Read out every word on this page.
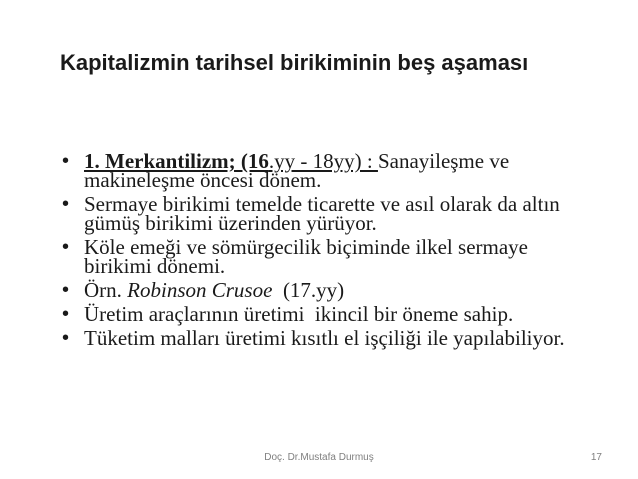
Kapitalizmin tarihsel birikiminin beş aşaması
• 1. Merkantilizm; (16.yy - 18yy) : Sanayileşme ve makineleşme öncesi dönem.
• Sermaye birikimi temelde ticarette ve asıl olarak da altın gümüş birikimi üzerinden yürüyor.
• Köle emeği ve sömürgecilik biçiminde ilkel sermaye birikimi dönemi.
• Örn. Robinson Crusoe  (17.yy)
• Üretim araçlarının üretimi  ikincil bir öneme sahip.
• Tüketim malları üretimi kısıtlı el işçiliği ile yapılabiliyor.
Doç. Dr.Mustafa Durmuş	17
